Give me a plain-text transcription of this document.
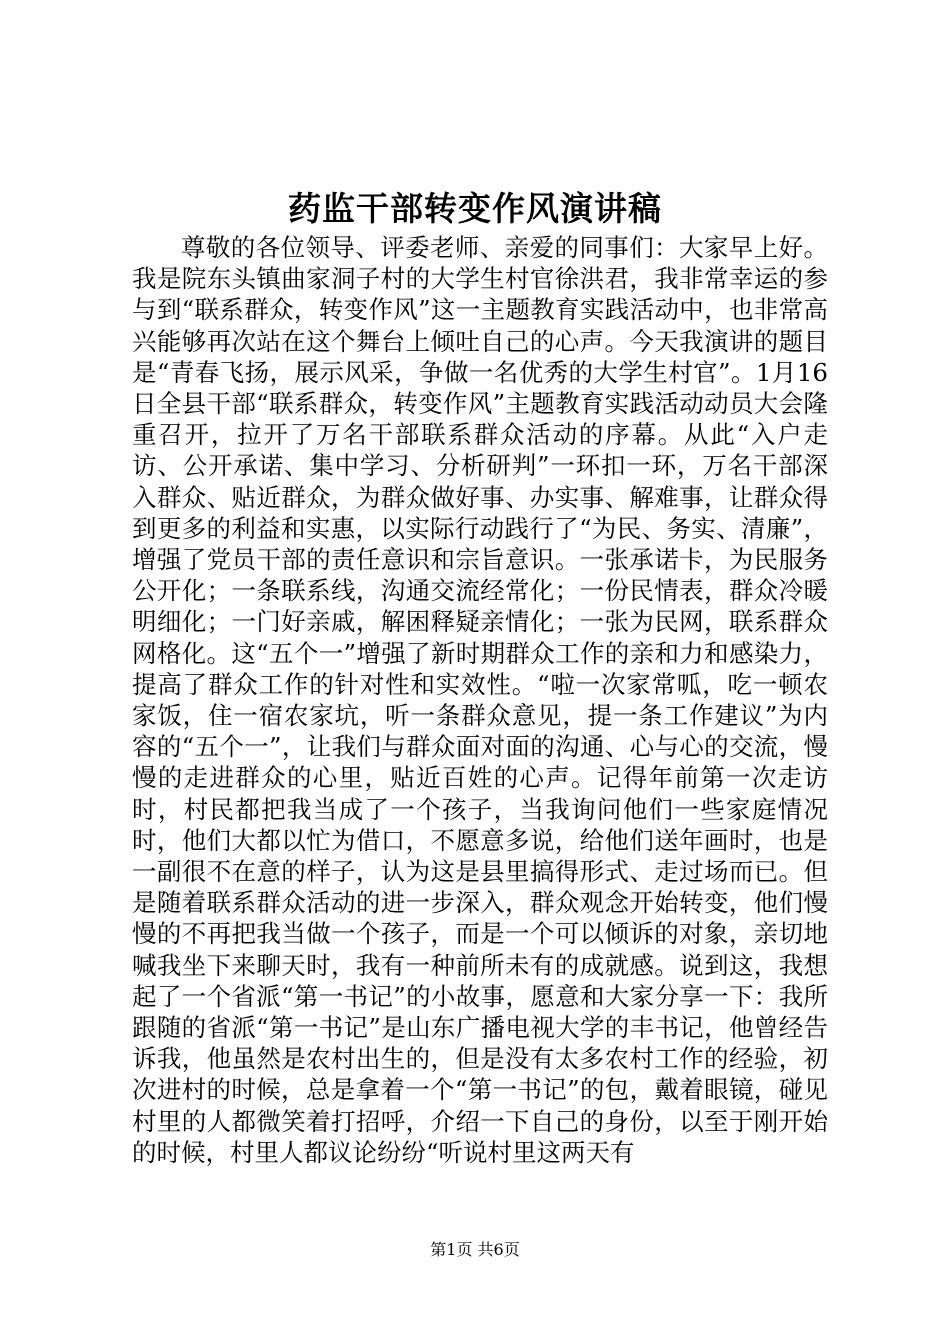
药监干部转变作风演讲稿

尊敬的各位领导、评委老师、亲爱的同事们：大家早上好。我是院东头镇曲家洞子村的大学生村官徐洪君，我非常幸运的参与到“联系群众，转变作风”这一主题教育实践活动中，也非常高兴能够再次站在这个舞台上倾吐自己的心声。今天我演讲的题目是“青春飞扬，展示风采，争做一名优秀的大学生村官”。1月16日全县干部“联系群众，转变作风”主题教育实践活动动员大会隆重召开，拉开了万名干部联系群众活动的序幕。从此“入户走访、公开承诺、集中学习、分析研判”一环扣一环，万名干部深入群众、贴近群众，为群众做好事、办实事、解难事，让群众得到更多的利益和实惠，以实际行动践行了“为民、务实、清廉”，增强了党员干部的责任意识和宗旨意识。一张承诺卡，为民服务公开化；一条联系线，沟通交流经常化；一份民情表，群众冷暖明细化；一门好亲戚，解困释疑亲情化；一张为民网，联系群众网格化。这“五个一”增强了新时期群众工作的亲和力和感染力，提高了群众工作的针对性和实效性。“啦一次家常呱，吃一顿农家饭，住一宿农家坑，听一条群众意见，提一条工作建议”为内容的“五个一”，让我们与群众面对面的沟通、心与心的交流，慢慢的走进群众的心里，贴近百姓的心声。记得年前第一次走访时，村民都把我当成了一个孩子，当我询问他们一些家庭情况时，他们大都以忙为借口，不愿意多说，给他们送年画时，也是一副很不在意的样子，认为这是县里搞得形式、走过场而已。但是随着联系群众活动的进一步深入，群众观念开始转变，他们慢慢的不再把我当做一个孩子，而是一个可以倾诉的对象，亲切地喊我坐下来聊天时，我有一种前所未有的成就感。说到这，我想起了一个省派“第一书记”的小故事，愿意和大家分享一下：我所跟随的省派“第一书记”是山东广播电视大学的丰书记，他曾经告诉我，他虽然是农村出生的，但是没有太多农村工作的经验，初次进村的时候，总是拿着一个“第一书记”的包，戴着眼镜，碰见村里的人都微笑着打招呼，介绍一下自己的身份，以至于刚开始的时候，村里人都议论纷纷“听说村里这两天有

第1页 共6页
